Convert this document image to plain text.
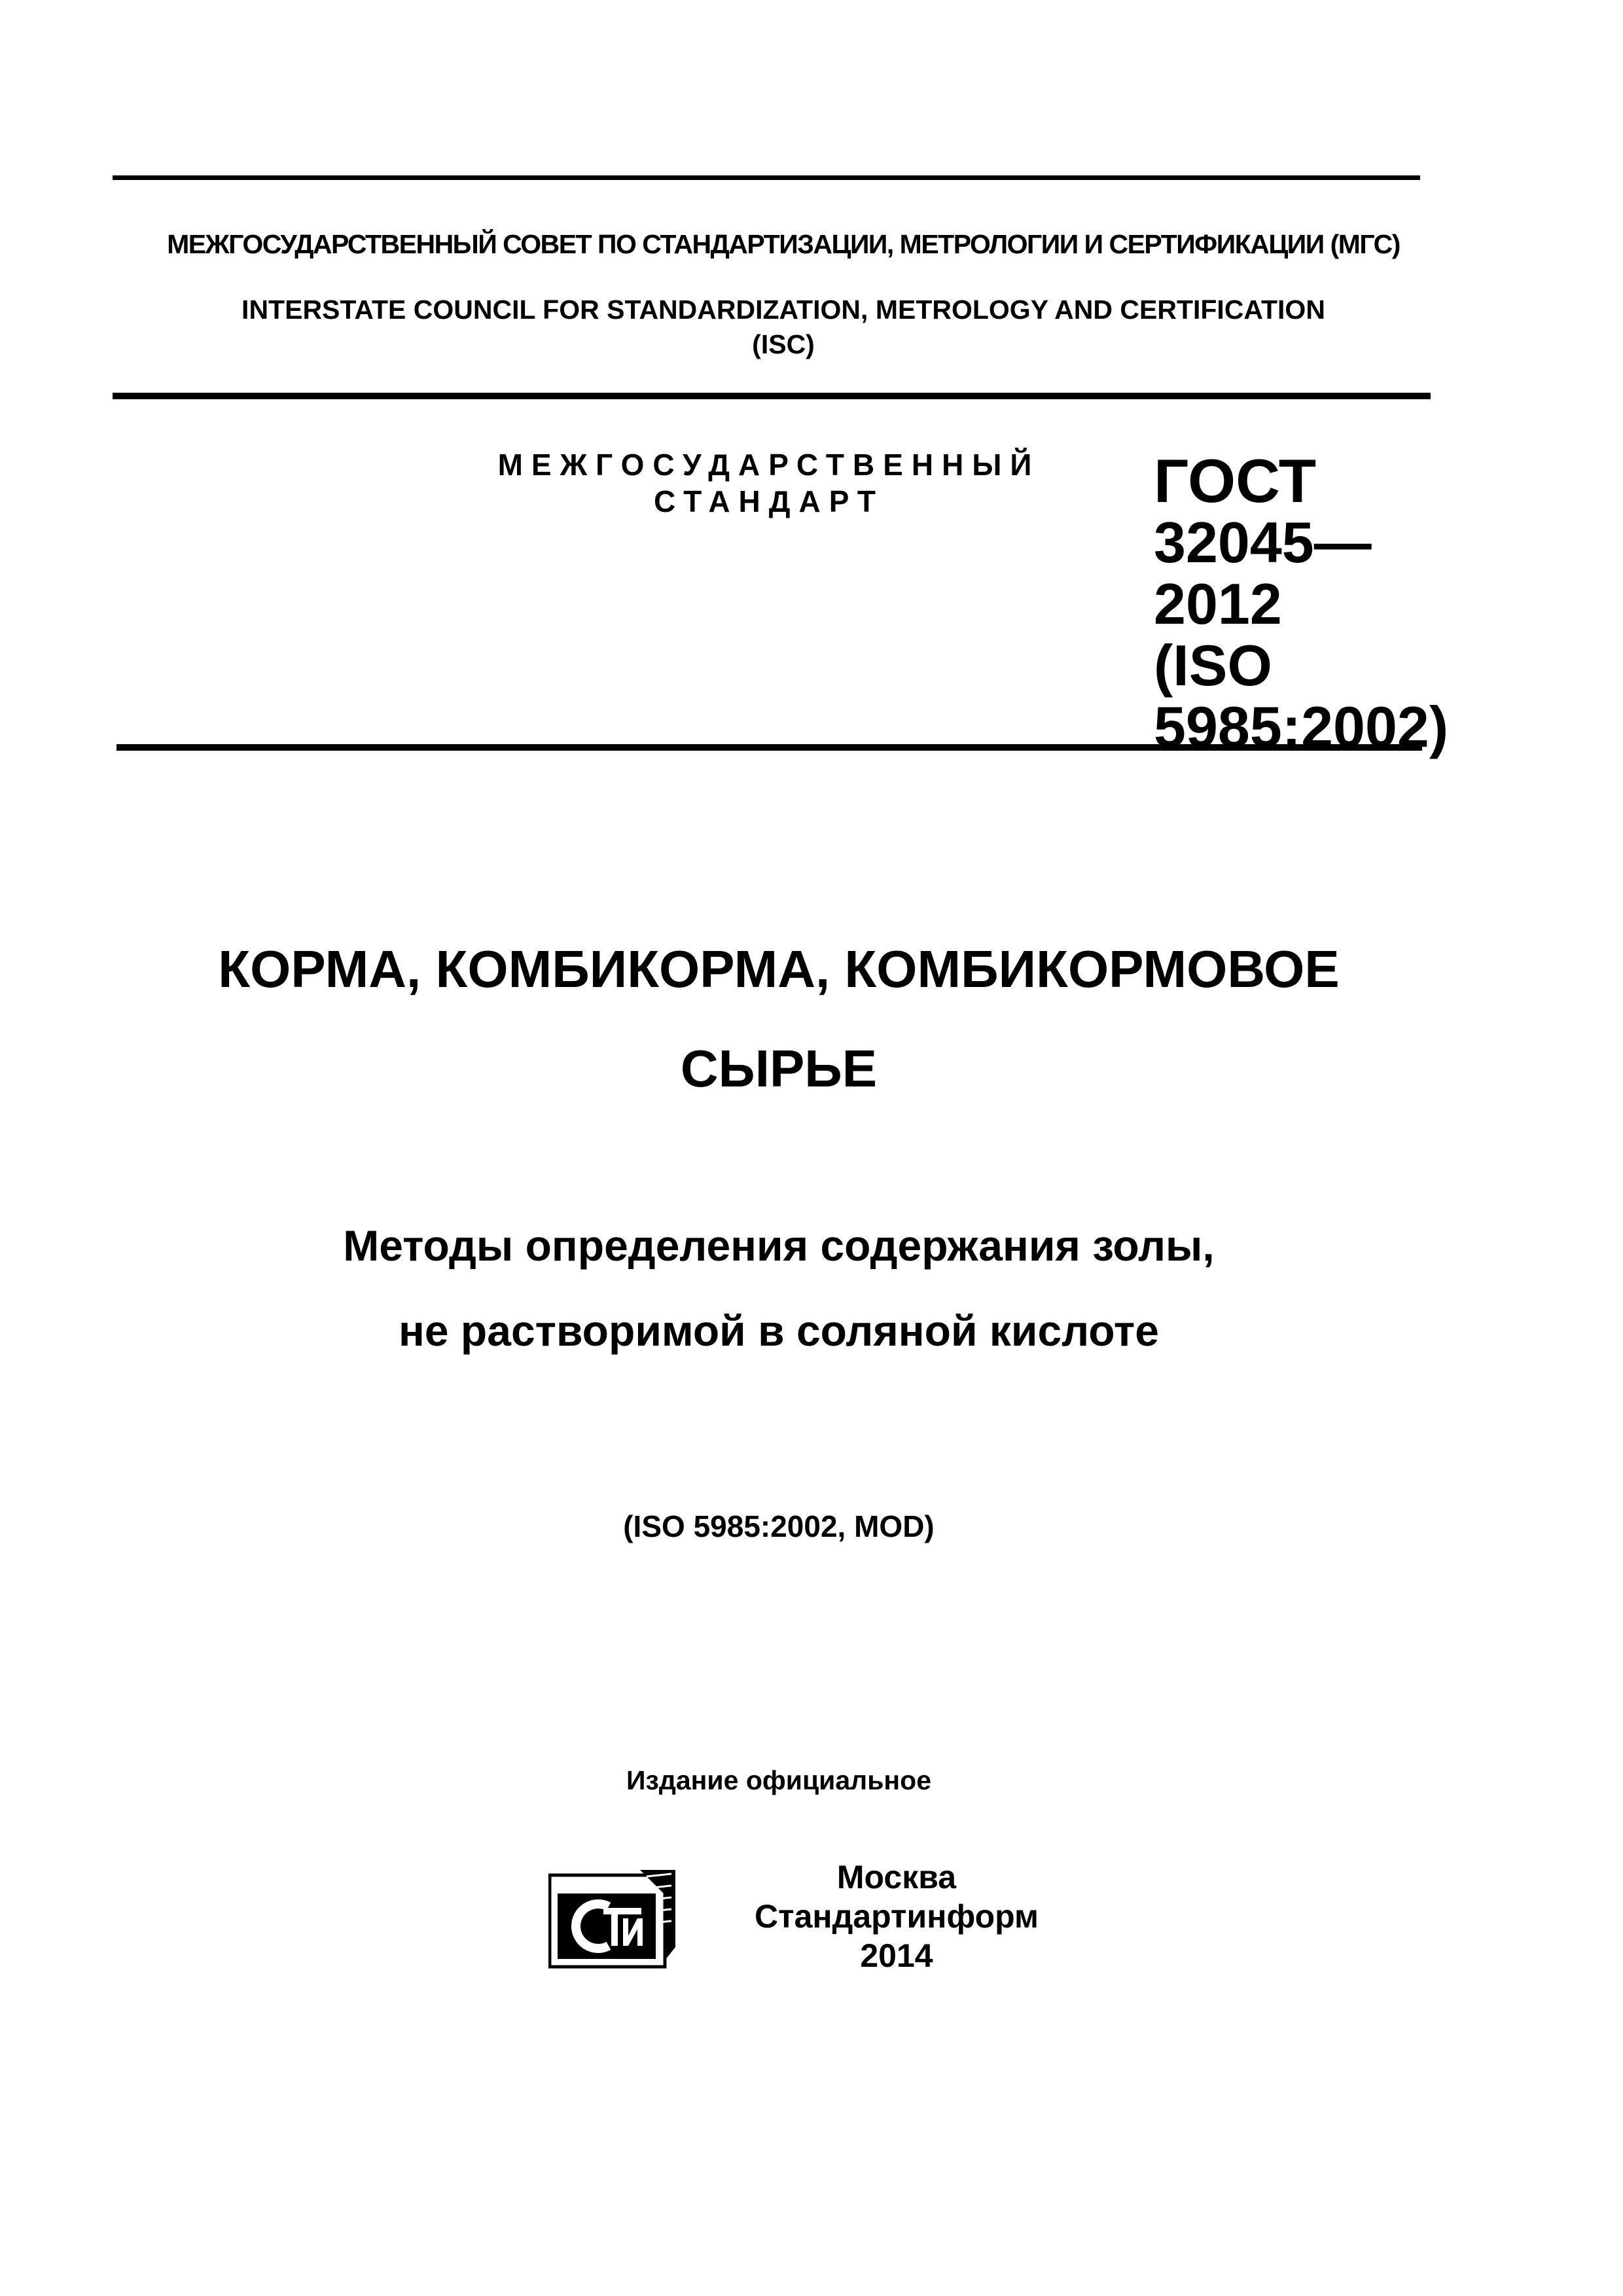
МЕЖГОСУДАРСТВЕННЫЙ СОВЕТ ПО СТАНДАРТИЗАЦИИ, МЕТРОЛОГИИ И СЕРТИФИКАЦИИ (МГС)
INTERSTATE COUNCIL FOR STANDARDIZATION, METROLOGY AND CERTIFICATION
(ISC)
МЕЖГОСУДАРСТВЕННЫЙ
СТАНДАРТ	ГОСТ
32045—
2012
(ISO
5985:2002)
КОРМА, КОМБИКОРМА, КОМБИКОРМОВОЕ
СЫРЬЕ
Методы определения содержания золы,
не растворимой в соляной кислоте
(ISO 5985:2002, MOD)
Издание официальное
Москва
Стандартинформ
2014
